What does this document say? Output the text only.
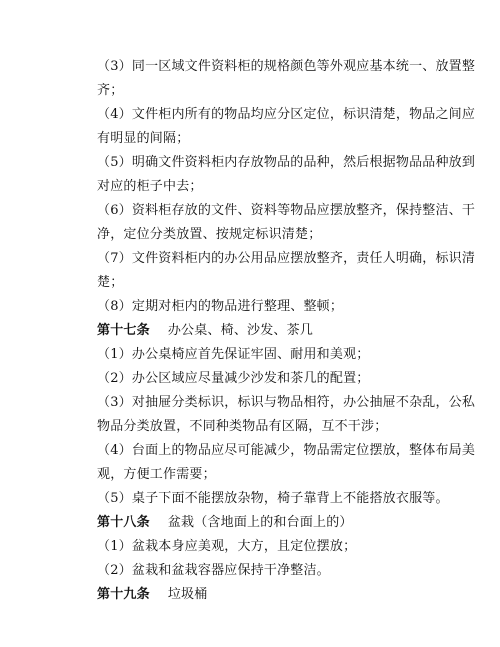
（3）同一区域文件资料柜的规格颜色等外观应基本统一、放置整
齐；
（4）文件柜内所有的物品均应分区定位，标识清楚，物品之间应
有明显的间隔；
（5）明确文件资料柜内存放物品的品种，然后根据物品品种放到
对应的柜子中去；
（6）资料柜存放的文件、资料等物品应摆放整齐，保持整洁、干
净，定位分类放置、按规定标识清楚；
（7）文件资料柜内的办公用品应摆放整齐，责任人明确，标识清
楚；
（8）定期对柜内的物品进行整理、整顿；
第十七条 办公桌、椅、沙发、茶几
（1）办公桌椅应首先保证牢固、耐用和美观；
（2）办公区域应尽量减少沙发和茶几的配置；
（3）对抽屉分类标识，标识与物品相符，办公抽屉不杂乱，公私
物品分类放置，不同种类物品有区隔，互不干涉；
（4）台面上的物品应尽可能减少，物品需定位摆放，整体布局美
观，方便工作需要；
（5）桌子下面不能摆放杂物，椅子靠背上不能搭放衣服等。
第十八条 盆栽（含地面上的和台面上的）
（1）盆栽本身应美观，大方，且定位摆放；
（2）盆栽和盆栽容器应保持干净整洁。
第十九条 垃圾桶
